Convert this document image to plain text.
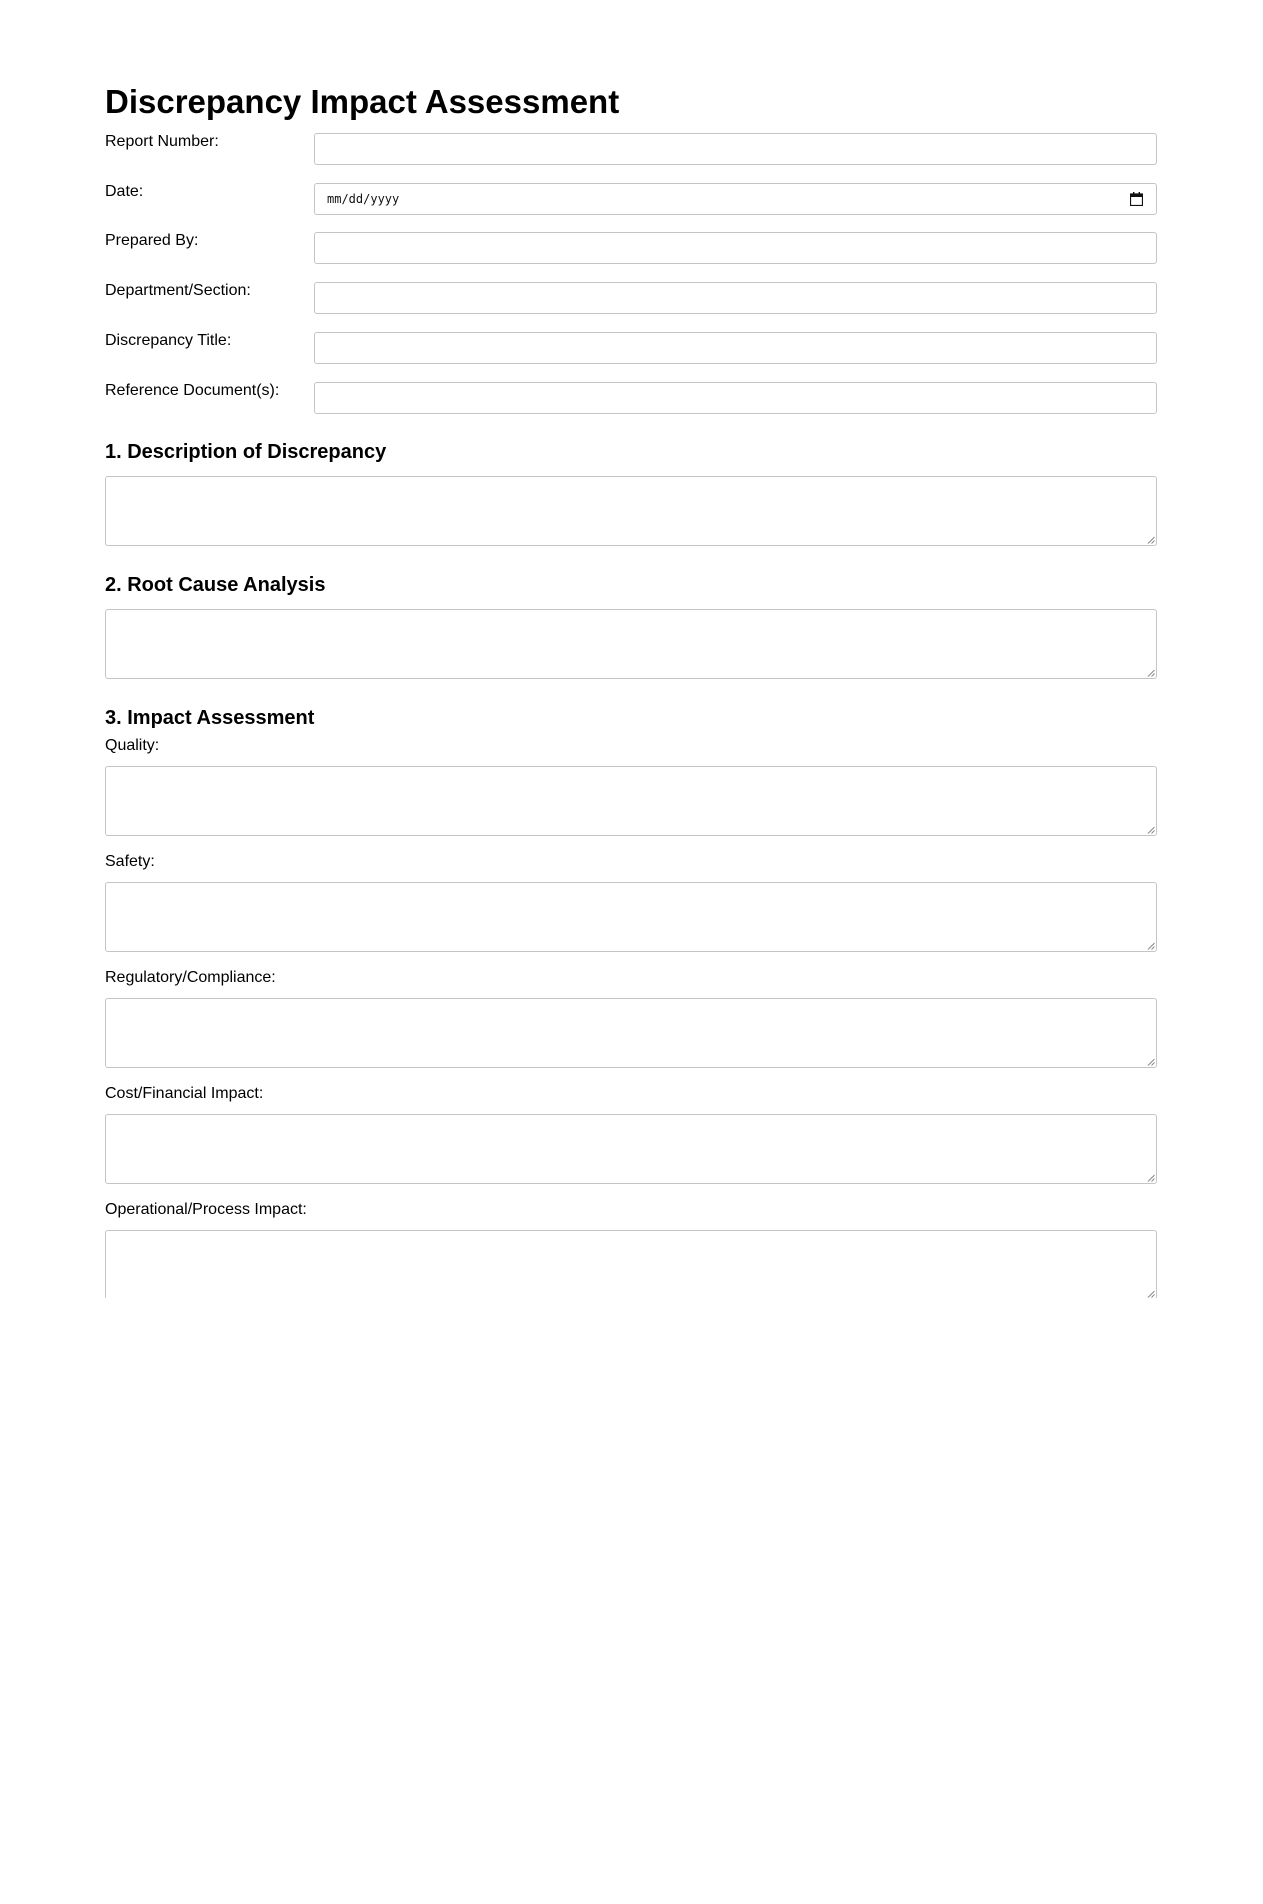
Discrepancy Impact Assessment
Report Number:
Date:	mm/dd/yyyy
Prepared By:
Department/Section:
Discrepancy Title:
Reference Document(s):
1. Description of Discrepancy
2. Root Cause Analysis
3. Impact Assessment
Quality:
Safety:
Regulatory/Compliance:
Cost/Financial Impact:
Operational/Process Impact:
